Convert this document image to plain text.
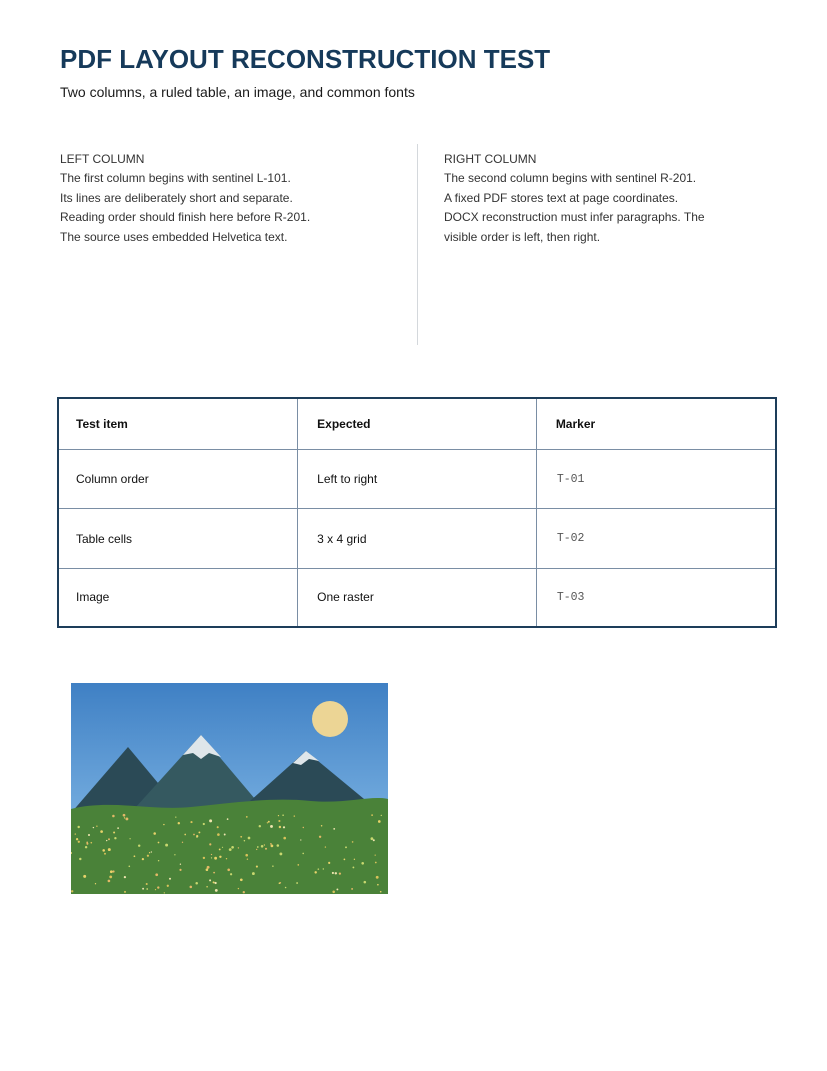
PDF LAYOUT RECONSTRUCTION TEST

Two columns, a ruled table, an image, and common fonts

LEFT COLUMN
The first column begins with sentinel L-101.
Its lines are deliberately short and separate.
Reading order should finish here before R-201.
The source uses embedded Helvetica text.
RIGHT COLUMN
The second column begins with sentinel R-201.
A fixed PDF stores text at page coordinates.
DOCX reconstruction must infer paragraphs. The
visible order is left, then right.
Test item	Expected	Marker
Column order	Left to right	T-01
Table cells	3 x 4 grid	T-02
Image	One raster	T-03
